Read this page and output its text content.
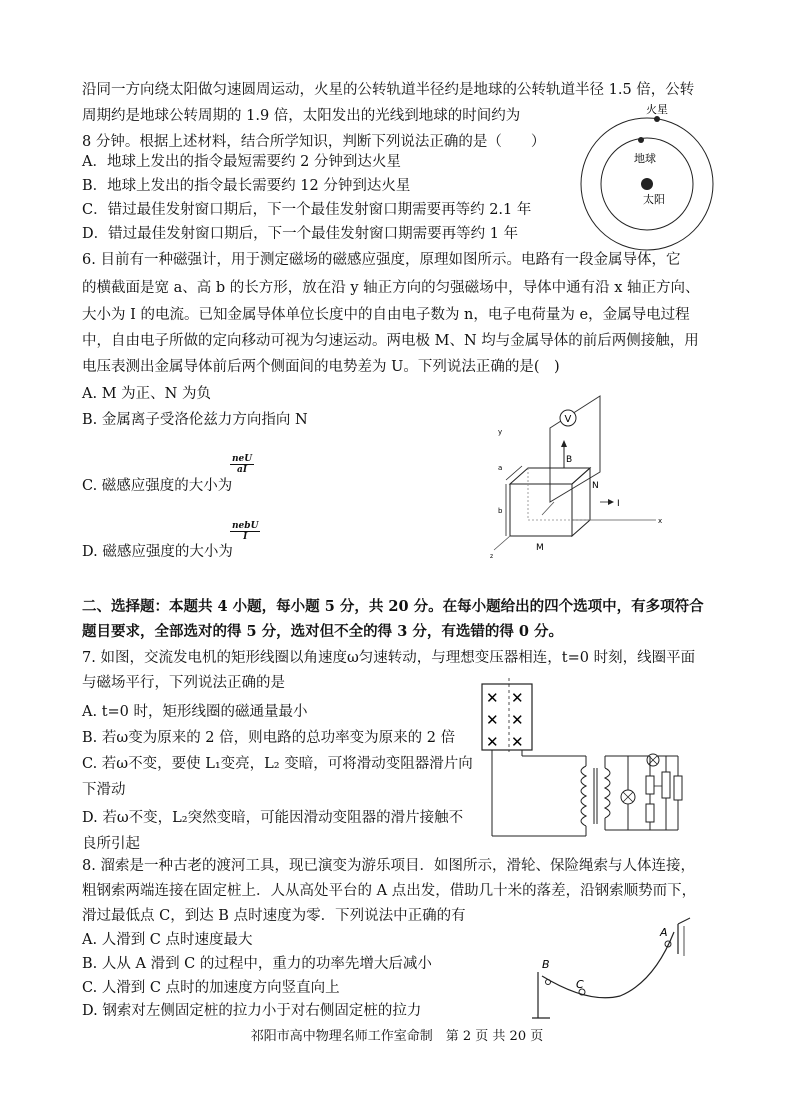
沿同一方向绕太阳做匀速圆周运动，火星的公转轨道半径约是地球的公转轨道半径 1.5 倍，公转
周期约是地球公转周期的 1.9 倍，太阳发出的光线到地球的时间约为
8 分钟。根据上述材料，结合所学知识，判断下列说法正确的是（　　）
A．地球上发出的指令最短需要约 2 分钟到达火星
B．地球上发出的指令最长需要约 12 分钟到达火星
C．错过最佳发射窗口期后，下一个最佳发射窗口期需要再等约 2.1 年
D．错过最佳发射窗口期后，下一个最佳发射窗口期需要再等约 1 年
火星
地球
太阳
6. 目前有一种磁强计，用于测定磁场的磁感应强度，原理如图所示。电路有一段金属导体，它
的横截面是宽 a、高 b 的长方形，放在沿 y 轴正方向的匀强磁场中，导体中通有沿 x 轴正方向、
大小为 I 的电流。已知金属导体单位长度中的自由电子数为 n，电子电荷量为 e，金属导电过程
中，自由电子所做的定向移动可视为匀速运动。两电极 M、N 均与金属导体的前后两侧接触，用
电压表测出金属导体前后两个侧面间的电势差为 U。下列说法正确的是(　)
A. M 为正、N 为负
B. 金属离子受洛伦兹力方向指向 N
C. 磁感应强度的大小为
neU
aI
D. 磁感应强度的大小为
nebU
I
V
y
B
a
b
x
z
I
N
M
二、选择题：本题共 4 小题，每小题 5 分，共 20 分。在每小题给出的四个选项中，有多项符合
题目要求，全部选对的得 5 分，选对但不全的得 3 分，有选错的得 0 分。
7. 如图，交流发电机的矩形线圈以角速度ω匀速转动，与理想变压器相连，t=0 时刻，线圈平面
与磁场平行，下列说法正确的是
A. t=0 时，矩形线圈的磁通量最小
B. 若ω变为原来的 2 倍，则电路的总功率变为原来的 2 倍
C. 若ω不变，要使 L₁变亮，L₂ 变暗，可将滑动变阻器滑片向
下滑动
D. 若ω不变，L₂突然变暗，可能因滑动变阻器的滑片接触不
良所引起
✕ ✕
✕ ✕
✕ ✕
8. 溜索是一种古老的渡河工具，现已演变为游乐项目．如图所示，滑轮、保险绳索与人体连接，
粗钢索两端连接在固定桩上．人从高处平台的 A 点出发，借助几十米的落差，沿钢索顺势而下，
滑过最低点 C，到达 B 点时速度为零．下列说法中正确的有
A. 人滑到 C 点时速度最大
B. 人从 A 滑到 C 的过程中，重力的功率先增大后减小
C. 人滑到 C 点时的加速度方向竖直向上
D. 钢索对左侧固定桩的拉力小于对右侧固定桩的拉力
B
C
A
祁阳市高中物理名师工作室命制　第 2 页 共 20 页
